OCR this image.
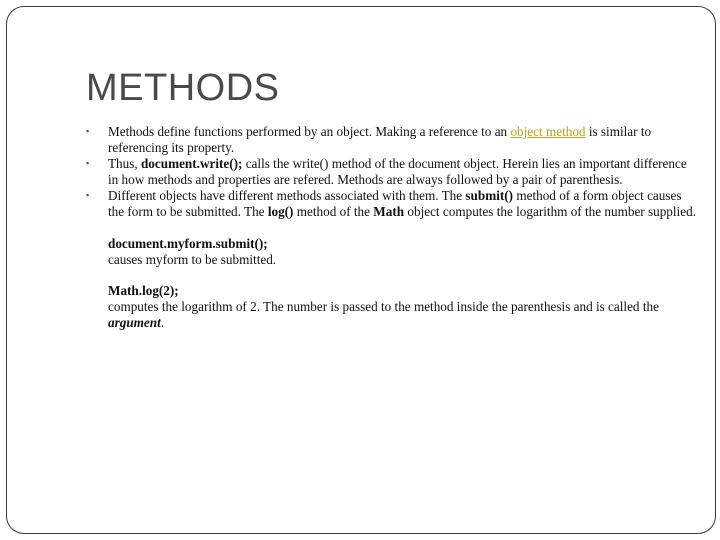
METHODS

▪ Methods define functions performed by an object. Making a reference to an object method is similar to referencing its property.

▪ Thus, document.write(); calls the write() method of the document object. Herein lies an important difference in how methods and properties are refered. Methods are always followed by a pair of parenthesis.

▪ Different objects have different methods associated with them. The submit() method of a form object causes the form to be submitted. The log() method of the Math object computes the logarithm of the number supplied.

document.myform.submit();

causes myform to be submitted.

Math.log(2);

computes the logarithm of 2. The number is passed to the method inside the parenthesis and is called the argument.
